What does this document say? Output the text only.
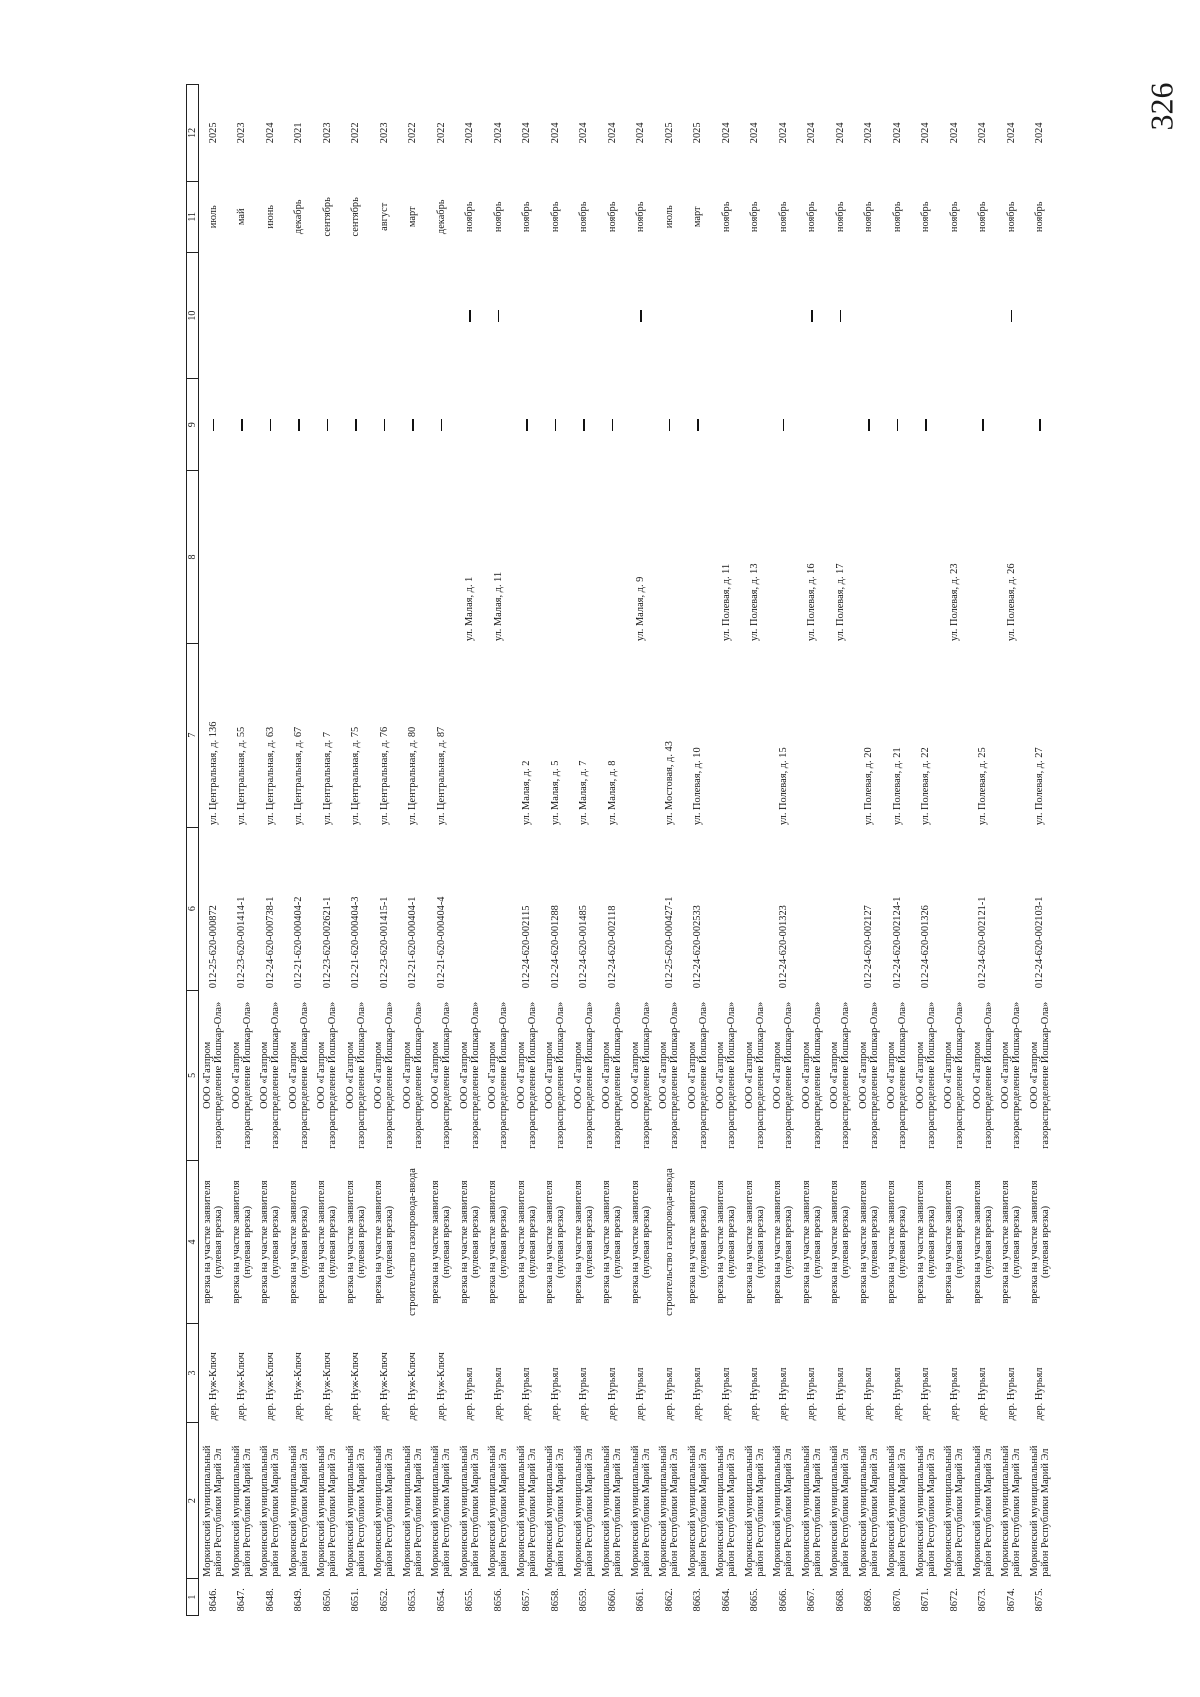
326
1	2	3	4	5	6	7	8	9	10	11	12

8646.	Моркинский муниципальный район Республики Марий Эл	дер. Нуж-Ключ	врезка на участке заявителя (нулевая врезка)	ООО «Газпром газораспределение Йошкар-Ола»	012-25-620-000872	ул. Центральная, д. 136				июль	2025

8647.	Моркинский муниципальный район Республики Марий Эл	дер. Нуж-Ключ	врезка на участке заявителя (нулевая врезка)	ООО «Газпром газораспределение Йошкар-Ола»	012-23-620-001414-1	ул. Центральная, д. 55				май	2023

8648.	Моркинский муниципальный район Республики Марий Эл	дер. Нуж-Ключ	врезка на участке заявителя (нулевая врезка)	ООО «Газпром газораспределение Йошкар-Ола»	012-24-620-000738-1	ул. Центральная, д. 63				июнь	2024

8649.	Моркинский муниципальный район Республики Марий Эл	дер. Нуж-Ключ	врезка на участке заявителя (нулевая врезка)	ООО «Газпром газораспределение Йошкар-Ола»	012-21-620-000404-2	ул. Центральная, д. 67				декабрь	2021

8650.	Моркинский муниципальный район Республики Марий Эл	дер. Нуж-Ключ	врезка на участке заявителя (нулевая врезка)	ООО «Газпром газораспределение Йошкар-Ола»	012-23-620-002621-1	ул. Центральная, д. 7				сентябрь	2023

8651.	Моркинский муниципальный район Республики Марий Эл	дер. Нуж-Ключ	врезка на участке заявителя (нулевая врезка)	ООО «Газпром газораспределение Йошкар-Ола»	012-21-620-000404-3	ул. Центральная, д. 75				сентябрь	2022

8652.	Моркинский муниципальный район Республики Марий Эл	дер. Нуж-Ключ	врезка на участке заявителя (нулевая врезка)	ООО «Газпром газораспределение Йошкар-Ола»	012-23-620-001415-1	ул. Центральная, д. 76				август	2023

8653.	Моркинский муниципальный район Республики Марий Эл	дер. Нуж-Ключ	строительство газопровода-ввода	ООО «Газпром газораспределение Йошкар-Ола»	012-21-620-000404-1	ул. Центральная, д. 80				март	2022

8654.	Моркинский муниципальный район Республики Марий Эл	дер. Нуж-Ключ	врезка на участке заявителя (нулевая врезка)	ООО «Газпром газораспределение Йошкар-Ола»	012-21-620-000404-4	ул. Центральная, д. 87				декабрь	2022

8655.	Моркинский муниципальный район Республики Марий Эл	дер. Нурьял	врезка на участке заявителя (нулевая врезка)	ООО «Газпром газораспределение Йошкар-Ола»			ул. Малая, д. 1			ноябрь	2024

8656.	Моркинский муниципальный район Республики Марий Эл	дер. Нурьял	врезка на участке заявителя (нулевая врезка)	ООО «Газпром газораспределение Йошкар-Ола»			ул. Малая, д. 11			ноябрь	2024

8657.	Моркинский муниципальный район Республики Марий Эл	дер. Нурьял	врезка на участке заявителя (нулевая врезка)	ООО «Газпром газораспределение Йошкар-Ола»	012-24-620-002115	ул. Малая, д. 2				ноябрь	2024

8658.	Моркинский муниципальный район Республики Марий Эл	дер. Нурьял	врезка на участке заявителя (нулевая врезка)	ООО «Газпром газораспределение Йошкар-Ола»	012-24-620-001288	ул. Малая, д. 5				ноябрь	2024

8659.	Моркинский муниципальный район Республики Марий Эл	дер. Нурьял	врезка на участке заявителя (нулевая врезка)	ООО «Газпром газораспределение Йошкар-Ола»	012-24-620-001485	ул. Малая, д. 7				ноябрь	2024

8660.	Моркинский муниципальный район Республики Марий Эл	дер. Нурьял	врезка на участке заявителя (нулевая врезка)	ООО «Газпром газораспределение Йошкар-Ола»	012-24-620-002118	ул. Малая, д. 8				ноябрь	2024

8661.	Моркинский муниципальный район Республики Марий Эл	дер. Нурьял	врезка на участке заявителя (нулевая врезка)	ООО «Газпром газораспределение Йошкар-Ола»			ул. Малая, д. 9			ноябрь	2024

8662.	Моркинский муниципальный район Республики Марий Эл	дер. Нурьял	строительство газопровода-ввода	ООО «Газпром газораспределение Йошкар-Ола»	012-25-620-000427-1	ул. Мостовая, д. 43				июль	2025

8663.	Моркинский муниципальный район Республики Марий Эл	дер. Нурьял	врезка на участке заявителя (нулевая врезка)	ООО «Газпром газораспределение Йошкар-Ола»	012-24-620-002533	ул. Полевая, д. 10				март	2025

8664.	Моркинский муниципальный район Республики Марий Эл	дер. Нурьял	врезка на участке заявителя (нулевая врезка)	ООО «Газпром газораспределение Йошкар-Ола»			ул. Полевая, д. 11			ноябрь	2024

8665.	Моркинский муниципальный район Республики Марий Эл	дер. Нурьял	врезка на участке заявителя (нулевая врезка)	ООО «Газпром газораспределение Йошкар-Ола»			ул. Полевая, д. 13			ноябрь	2024

8666.	Моркинский муниципальный район Республики Марий Эл	дер. Нурьял	врезка на участке заявителя (нулевая врезка)	ООО «Газпром газораспределение Йошкар-Ола»	012-24-620-001323	ул. Полевая, д. 15				ноябрь	2024

8667.	Моркинский муниципальный район Республики Марий Эл	дер. Нурьял	врезка на участке заявителя (нулевая врезка)	ООО «Газпром газораспределение Йошкар-Ола»			ул. Полевая, д. 16			ноябрь	2024

8668.	Моркинский муниципальный район Республики Марий Эл	дер. Нурьял	врезка на участке заявителя (нулевая врезка)	ООО «Газпром газораспределение Йошкар-Ола»			ул. Полевая, д. 17			ноябрь	2024

8669.	Моркинский муниципальный район Республики Марий Эл	дер. Нурьял	врезка на участке заявителя (нулевая врезка)	ООО «Газпром газораспределение Йошкар-Ола»	012-24-620-002127	ул. Полевая, д. 20				ноябрь	2024

8670.	Моркинский муниципальный район Республики Марий Эл	дер. Нурьял	врезка на участке заявителя (нулевая врезка)	ООО «Газпром газораспределение Йошкар-Ола»	012-24-620-002124-1	ул. Полевая, д. 21				ноябрь	2024

8671.	Моркинский муниципальный район Республики Марий Эл	дер. Нурьял	врезка на участке заявителя (нулевая врезка)	ООО «Газпром газораспределение Йошкар-Ола»	012-24-620-001326	ул. Полевая, д. 22				ноябрь	2024

8672.	Моркинский муниципальный район Республики Марий Эл	дер. Нурьял	врезка на участке заявителя (нулевая врезка)	ООО «Газпром газораспределение Йошкар-Ола»			ул. Полевая, д. 23			ноябрь	2024

8673.	Моркинский муниципальный район Республики Марий Эл	дер. Нурьял	врезка на участке заявителя (нулевая врезка)	ООО «Газпром газораспределение Йошкар-Ола»	012-24-620-002121-1	ул. Полевая, д. 25				ноябрь	2024

8674.	Моркинский муниципальный район Республики Марий Эл	дер. Нурьял	врезка на участке заявителя (нулевая врезка)	ООО «Газпром газораспределение Йошкар-Ола»			ул. Полевая, д. 26			ноябрь	2024

8675.	Моркинский муниципальный район Республики Марий Эл	дер. Нурьял	врезка на участке заявителя (нулевая врезка)	ООО «Газпром газораспределение Йошкар-Ола»	012-24-620-002103-1	ул. Полевая, д. 27				ноябрь	2024
